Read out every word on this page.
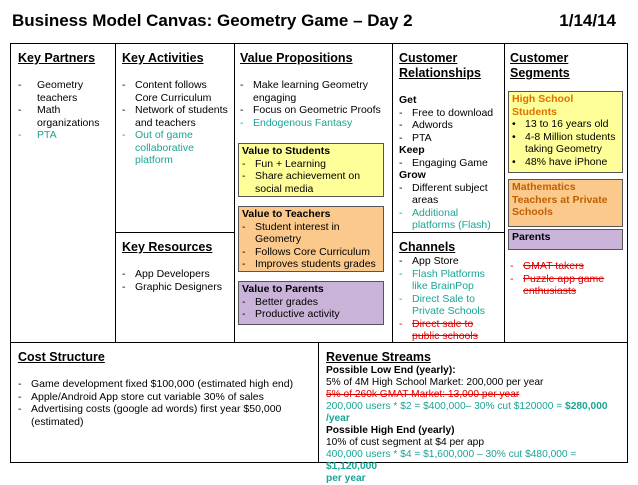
Business Model Canvas: Geometry Game – Day 2	1/14/14
Key Partners
- Geometry teachers
- Math organizations
- PTA
Key Activities
- Content follows Core Curriculum
- Network of students and teachers
- Out of game collaborative platform
Key Resources
- App Developers
- Graphic Designers
Value Propositions
- Make learning Geometry engaging
- Focus on Geometric Proofs
- Endogenous Fantasy
Value to Students
- Fun + Learning
- Share achievement on social media
Value to Teachers
- Student interest in Geometry
- Follows Core Curriculum
- Improves students grades
Value to Parents
- Better grades
- Productive activity
Customer Relationships
Get
- Free to download
- Adwords
- PTA
Keep
- Engaging Game
Grow
- Different subject areas
- Additional platforms (Flash)
Channels
- App Store
- Flash Platforms like BrainPop
- Direct Sale to Private Schools
- Direct sale to public schools
Customer Segments
High School Students
• 13 to 16 years old
• 4-8 Million students taking Geometry
• 48% have iPhone
Mathematics Teachers at Private Schools
Parents
- GMAT takers
- Puzzle app game enthusiasts
Cost Structure
- Game development fixed $100,000 (estimated high end)
- Apple/Android App store cut variable 30% of sales
- Advertising costs (google ad words) first year $50,000 (estimated)
Revenue Streams
Possible Low End (yearly):
5% of 4M High School Market: 200,000 per year
5% of 260k GMAT Market: 13,000 per year
200,000 users * $2 = $400,000– 30% cut $120000 = $280,000 /year
Possible High End (yearly)
10% of cust segment at $4 per app
400,000 users * $4 = $1,600,000 – 30% cut $480,000 = $1,120,000
per year
